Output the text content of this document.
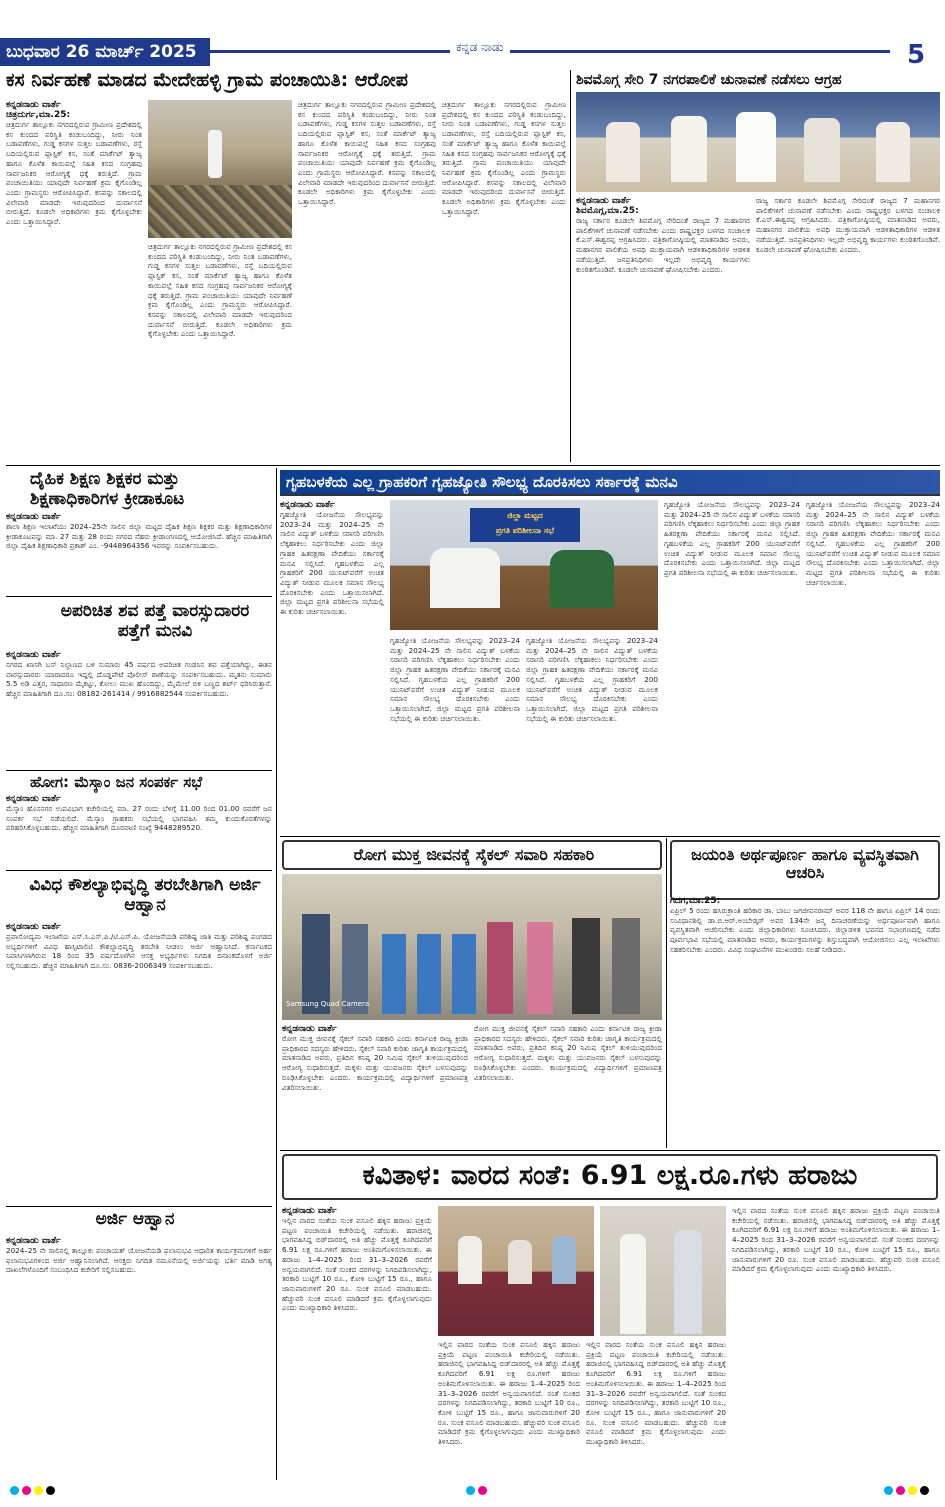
ಬುಧವಾರ 26 ಮಾರ್ಚ್ 2025	ಕನ್ನಡ ನಾಡು	5
ಕಸ ನಿರ್ವಹಣೆ ಮಾಡದ ಮೇದೇಹಳ್ಳಿ ಗ್ರಾಮ ಪಂಚಾಯಿತಿ: ಆರೋಪ
ಕನ್ನಡನಾಡು ವಾರ್ತೆ
ಚಿತ್ರದುರ್ಗ,ಮಾ.25:
ಚಿತ್ರದುರ್ಗ ತಾಲ್ಲೂಕು ನಗರದಲ್ಲಿರುವ ಗ್ರಾಮೀಣ ಪ್ರದೇಶದಲ್ಲಿ ಕಸ ಕುಂದದ ಪರಿಸ್ಥಿತಿ ಕಂಡುಬಂದಿದ್ದು, ನೀರು ನಿಂತ ಬಡಾವಣೆಗಳು, ಗುಡ್ಡ ಕಸಗಳ ಸುತ್ತಲ ಬಡಾವಣೆಗಳು, ರಸ್ತೆ ಬದಿಯಲ್ಲಿರುವ ಪ್ಲಾಸ್ಟಿಕ್ ಕಸ, ಸಂತೆ ಮಾರ್ಕೆಟ್ ತ್ಯಾಜ್ಯ ಹಾಗೂ ಕೊಳೆತ ಕಾಯಿಪಲ್ಲೆ ಸಹಿತ ಕಸದ ಸಂಗ್ರಹವು ಸಾರ್ವಜನಿಕರ ಆರೋಗ್ಯಕ್ಕೆ ಧಕ್ಕೆ ತರುತ್ತಿದೆ. ಗ್ರಾಮ ಪಂಚಾಯಿತಿಯು ಯಾವುದೇ ನಿರ್ವಹಣೆ ಕ್ರಮ ಕೈಗೊಂಡಿಲ್ಲ ಎಂದು ಗ್ರಾಮಸ್ಥರು ಆರೋಪಿಸಿದ್ದಾರೆ. ಕಸವನ್ನು ಸಕಾಲದಲ್ಲಿ ವಿಲೇವಾರಿ ಮಾಡದೇ ಇರುವುದರಿಂದ ದುರ್ವಾಸನೆ ಬೀರುತ್ತಿದೆ. ಕೂಡಲೇ ಅಧಿಕಾರಿಗಳು ಕ್ರಮ ಕೈಗೊಳ್ಳಬೇಕು ಎಂದು ಒತ್ತಾಯಿಸಿದ್ದಾರೆ.
ಚಿತ್ರದುರ್ಗ ತಾಲ್ಲೂಕು ನಗರದಲ್ಲಿರುವ ಗ್ರಾಮೀಣ ಪ್ರದೇಶದಲ್ಲಿ ಕಸ ಕುಂದದ ಪರಿಸ್ಥಿತಿ ಕಂಡುಬಂದಿದ್ದು, ನೀರು ನಿಂತ ಬಡಾವಣೆಗಳು, ಗುಡ್ಡ ಕಸಗಳ ಸುತ್ತಲ ಬಡಾವಣೆಗಳು, ರಸ್ತೆ ಬದಿಯಲ್ಲಿರುವ ಪ್ಲಾಸ್ಟಿಕ್ ಕಸ, ಸಂತೆ ಮಾರ್ಕೆಟ್ ತ್ಯಾಜ್ಯ ಹಾಗೂ ಕೊಳೆತ ಕಾಯಿಪಲ್ಲೆ ಸಹಿತ ಕಸದ ಸಂಗ್ರಹವು ಸಾರ್ವಜನಿಕರ ಆರೋಗ್ಯಕ್ಕೆ ಧಕ್ಕೆ ತರುತ್ತಿದೆ. ಗ್ರಾಮ ಪಂಚಾಯಿತಿಯು ಯಾವುದೇ ನಿರ್ವಹಣೆ ಕ್ರಮ ಕೈಗೊಂಡಿಲ್ಲ ಎಂದು ಗ್ರಾಮಸ್ಥರು ಆರೋಪಿಸಿದ್ದಾರೆ. ಕಸವನ್ನು ಸಕಾಲದಲ್ಲಿ ವಿಲೇವಾರಿ ಮಾಡದೇ ಇರುವುದರಿಂದ ದುರ್ವಾಸನೆ ಬೀರುತ್ತಿದೆ. ಕೂಡಲೇ ಅಧಿಕಾರಿಗಳು ಕ್ರಮ ಕೈಗೊಳ್ಳಬೇಕು ಎಂದು ಒತ್ತಾಯಿಸಿದ್ದಾರೆ.
ಚಿತ್ರದುರ್ಗ ತಾಲ್ಲೂಕು ನಗರದಲ್ಲಿರುವ ಗ್ರಾಮೀಣ ಪ್ರದೇಶದಲ್ಲಿ ಕಸ ಕುಂದದ ಪರಿಸ್ಥಿತಿ ಕಂಡುಬಂದಿದ್ದು, ನೀರು ನಿಂತ ಬಡಾವಣೆಗಳು, ಗುಡ್ಡ ಕಸಗಳ ಸುತ್ತಲ ಬಡಾವಣೆಗಳು, ರಸ್ತೆ ಬದಿಯಲ್ಲಿರುವ ಪ್ಲಾಸ್ಟಿಕ್ ಕಸ, ಸಂತೆ ಮಾರ್ಕೆಟ್ ತ್ಯಾಜ್ಯ ಹಾಗೂ ಕೊಳೆತ ಕಾಯಿಪಲ್ಲೆ ಸಹಿತ ಕಸದ ಸಂಗ್ರಹವು ಸಾರ್ವಜನಿಕರ ಆರೋಗ್ಯಕ್ಕೆ ಧಕ್ಕೆ ತರುತ್ತಿದೆ. ಗ್ರಾಮ ಪಂಚಾಯಿತಿಯು ಯಾವುದೇ ನಿರ್ವಹಣೆ ಕ್ರಮ ಕೈಗೊಂಡಿಲ್ಲ ಎಂದು ಗ್ರಾಮಸ್ಥರು ಆರೋಪಿಸಿದ್ದಾರೆ. ಕಸವನ್ನು ಸಕಾಲದಲ್ಲಿ ವಿಲೇವಾರಿ ಮಾಡದೇ ಇರುವುದರಿಂದ ದುರ್ವಾಸನೆ ಬೀರುತ್ತಿದೆ. ಕೂಡಲೇ ಅಧಿಕಾರಿಗಳು ಕ್ರಮ ಕೈಗೊಳ್ಳಬೇಕು ಎಂದು ಒತ್ತಾಯಿಸಿದ್ದಾರೆ.
ಚಿತ್ರದುರ್ಗ ತಾಲ್ಲೂಕು ನಗರದಲ್ಲಿರುವ ಗ್ರಾಮೀಣ ಪ್ರದೇಶದಲ್ಲಿ ಕಸ ಕುಂದದ ಪರಿಸ್ಥಿತಿ ಕಂಡುಬಂದಿದ್ದು, ನೀರು ನಿಂತ ಬಡಾವಣೆಗಳು, ಗುಡ್ಡ ಕಸಗಳ ಸುತ್ತಲ ಬಡಾವಣೆಗಳು, ರಸ್ತೆ ಬದಿಯಲ್ಲಿರುವ ಪ್ಲಾಸ್ಟಿಕ್ ಕಸ, ಸಂತೆ ಮಾರ್ಕೆಟ್ ತ್ಯಾಜ್ಯ ಹಾಗೂ ಕೊಳೆತ ಕಾಯಿಪಲ್ಲೆ ಸಹಿತ ಕಸದ ಸಂಗ್ರಹವು ಸಾರ್ವಜನಿಕರ ಆರೋಗ್ಯಕ್ಕೆ ಧಕ್ಕೆ ತರುತ್ತಿದೆ. ಗ್ರಾಮ ಪಂಚಾಯಿತಿಯು ಯಾವುದೇ ನಿರ್ವಹಣೆ ಕ್ರಮ ಕೈಗೊಂಡಿಲ್ಲ ಎಂದು ಗ್ರಾಮಸ್ಥರು ಆರೋಪಿಸಿದ್ದಾರೆ. ಕಸವನ್ನು ಸಕಾಲದಲ್ಲಿ ವಿಲೇವಾರಿ ಮಾಡದೇ ಇರುವುದರಿಂದ ದುರ್ವಾಸನೆ ಬೀರುತ್ತಿದೆ. ಕೂಡಲೇ ಅಧಿಕಾರಿಗಳು ಕ್ರಮ ಕೈಗೊಳ್ಳಬೇಕು ಎಂದು ಒತ್ತಾಯಿಸಿದ್ದಾರೆ.
ಶಿವಮೊಗ್ಗ ಸೇರಿ 7 ನಗರಪಾಲಿಕೆ ಚುನಾವಣೆ ನಡೆಸಲು ಆಗ್ರಹ
ಕನ್ನಡನಾಡು ವಾರ್ತೆ
ಶಿವಮೊಗ್ಗ,ಮಾ.25:
ರಾಜ್ಯ ಸರ್ಕಾರ ಕೂಡಲೇ ಶಿವಮೊಗ್ಗ ಸೇರಿದಂತೆ ರಾಜ್ಯದ 7 ಮಹಾನಗರ ಪಾಲಿಕೆಗಳಿಗೆ ಚುನಾವಣೆ ನಡೆಸಬೇಕು ಎಂದು ರಾಷ್ಟ್ರಭಕ್ತರ ಬಳಗದ ಸಂಚಾಲಕ ಕೆ.ಎಸ್.ಈಶ್ವರಪ್ಪ ಆಗ್ರಹಿಸಿದರು. ಪತ್ರಿಕಾಗೋಷ್ಠಿಯಲ್ಲಿ ಮಾತನಾಡಿದ ಅವರು, ಮಹಾನಗರ ಪಾಲಿಕೆಯ ಅವಧಿ ಮುಕ್ತಾಯವಾಗಿ ಆಡಳಿತಾಧಿಕಾರಿಗಳ ಆಡಳಿತ ನಡೆಯುತ್ತಿದೆ. ಜನಪ್ರತಿನಿಧಿಗಳು ಇಲ್ಲದೇ ಅಭಿವೃದ್ಧಿ ಕಾರ್ಯಗಳು ಕುಂಠಿತಗೊಂಡಿವೆ. ಕೂಡಲೇ ಚುನಾವಣೆ ಘೋಷಿಸಬೇಕು ಎಂದರು.
ರಾಜ್ಯ ಸರ್ಕಾರ ಕೂಡಲೇ ಶಿವಮೊಗ್ಗ ಸೇರಿದಂತೆ ರಾಜ್ಯದ 7 ಮಹಾನಗರ ಪಾಲಿಕೆಗಳಿಗೆ ಚುನಾವಣೆ ನಡೆಸಬೇಕು ಎಂದು ರಾಷ್ಟ್ರಭಕ್ತರ ಬಳಗದ ಸಂಚಾಲಕ ಕೆ.ಎಸ್.ಈಶ್ವರಪ್ಪ ಆಗ್ರಹಿಸಿದರು. ಪತ್ರಿಕಾಗೋಷ್ಠಿಯಲ್ಲಿ ಮಾತನಾಡಿದ ಅವರು, ಮಹಾನಗರ ಪಾಲಿಕೆಯ ಅವಧಿ ಮುಕ್ತಾಯವಾಗಿ ಆಡಳಿತಾಧಿಕಾರಿಗಳ ಆಡಳಿತ ನಡೆಯುತ್ತಿದೆ. ಜನಪ್ರತಿನಿಧಿಗಳು ಇಲ್ಲದೇ ಅಭಿವೃದ್ಧಿ ಕಾರ್ಯಗಳು ಕುಂಠಿತಗೊಂಡಿವೆ. ಕೂಡಲೇ ಚುನಾವಣೆ ಘೋಷಿಸಬೇಕು ಎಂದರು.
ದೈಹಿಕ ಶಿಕ್ಷಣ ಶಿಕ್ಷಕರ ಮತ್ತು ಶಿಕ್ಷಣಾಧಿಕಾರಿಗಳ ಕ್ರೀಡಾಕೂಟ
ಕನ್ನಡನಾಡು ವಾರ್ತೆ
ಶಾಲಾ ಶಿಕ್ಷಣ ಇಲಾಖೆಯು 2024–25ನೇ ಸಾಲಿನ ಜಿಲ್ಲಾ ಮಟ್ಟದ ದೈಹಿಕ ಶಿಕ್ಷಣ ಶಿಕ್ಷಕರ ಮತ್ತು ಶಿಕ್ಷಣಾಧಿಕಾರಿಗಳ ಕ್ರೀಡಾಕೂಟವನ್ನು ಮಾ. 27 ಮತ್ತು 28 ರಂದು ನಗರದ ನೆಹರು ಕ್ರೀಡಾಂಗಣದಲ್ಲಿ ಆಯೋಜಿಸಿದೆ. ಹೆಚ್ಚಿನ ಮಾಹಿತಿಗಾಗಿ ಜಿಲ್ಲಾ ದೈಹಿಕ ಶಿಕ್ಷಣಾಧಿಕಾರಿ ಪ್ರಕಾಶ್ ಎಂ. -9448964356 ಇವರನ್ನು ಸಂಪರ್ಕಿಸಬಹುದು.
ಅಪರಿಚಿತ ಶವ ಪತ್ತೆ ವಾರಸ್ಸುದಾರರ ಪತ್ತೆಗೆ ಮನವಿ
ಕನ್ನಡನಾಡು ವಾರ್ತೆ
ನಗರದ ಖಾಸಗಿ ಬಸ್ ನಿಲ್ದಾಣದ ಬಳಿ ಸುಮಾರು 45 ವರ್ಷದ ಅಪರಿಚಿತ ಗಂಡಸಿನ ಶವ ಪತ್ತೆಯಾಗಿದ್ದು, ಈತನ ವಾರಸ್ಸುದಾರರು ಯಾರಾದರೂ ಇದ್ದಲ್ಲಿ ದೊಡ್ಡಪೇಟೆ ಪೊಲೀಸ್ ಠಾಣೆಯನ್ನು ಸಂಪರ್ಕಿಸಬಹುದು. ಮೃತನು ಸುಮಾರು 5.5 ಅಡಿ ಎತ್ತರ, ಸಾಧಾರಣ ಮೈಕಟ್ಟು, ಕೋಲು ಮುಖ ಹೊಂದಿದ್ದು, ಮೈಮೇಲೆ ಬಿಳಿ ಬಣ್ಣದ ಶರ್ಟ್ ಧರಿಸಿರುತ್ತಾನೆ. ಹೆಚ್ಚಿನ ಮಾಹಿತಿಗಾಗಿ ದೂ.ಸಂ: 08182-261414 / 9916882544 ಸಂಪರ್ಕಿಸಬಹುದು.
ಹೋಗ: ಮೆಸ್ಕಾಂ ಜನ ಸಂಪರ್ಕ ಸಭೆ
ಕನ್ನಡನಾಡು ವಾರ್ತೆ
ಮೆಸ್ಕಾಂ ಹೊಸನಗರ ಉಪವಿಭಾಗ ಕಚೇರಿಯಲ್ಲಿ ಮಾ. 27 ರಂದು ಬೆಳಿಗ್ಗೆ 11.00 ರಿಂದ 01.00 ರವರೆಗೆ ಜನ ಸಂಪರ್ಕ ಸಭೆ ನಡೆಯಲಿದೆ. ಮೆಸ್ಕಾಂ ಗ್ರಾಹಕರು ಸಭೆಯಲ್ಲಿ ಭಾಗವಹಿಸಿ ತಮ್ಮ ಕುಂದುಕೊರತೆಗಳನ್ನು ಪರಿಹರಿಸಿಕೊಳ್ಳಬಹುದು. ಹೆಚ್ಚಿನ ಮಾಹಿತಿಗಾಗಿ ದೂರವಾಣಿ ಸಂಖ್ಯೆ 9448289520.
ವಿವಿಧ ಕೌಶಲ್ಯಾಭಿವೃದ್ಧಿ ತರಬೇತಿಗಾಗಿ ಅರ್ಜಿ ಆಹ್ವಾನ
ಕನ್ನಡನಾಡು ವಾರ್ತೆ
ಪ್ರವಾಸೋದ್ಯಮ ಇಲಾಖೆಯ ಎಸ್.ಸಿ.ಎಸ್.ಪಿ./ಟಿ.ಎಸ್.ಪಿ. ಯೋಜನೆಯಡಿ ಪರಿಶಿಷ್ಟ ಜಾತಿ ಮತ್ತು ಪರಿಶಿಷ್ಟ ಪಂಗಡದ ಅಭ್ಯರ್ಥಿಗಳಿಗೆ ವಿವಿಧ ಹಾಸ್ಪಿಟಾಲಿಟಿ ಕೌಶಲ್ಯಾಭಿವೃದ್ಧಿ ತರಬೇತಿ ನೀಡಲು ಅರ್ಜಿ ಆಹ್ವಾನಿಸಿದೆ. ಕರ್ನಾಟಕದ ನಿವಾಸಿಗಳಾಗಿರುವ 18 ರಿಂದ 35 ವರ್ಷದೊಳಗಿನ ಆಸಕ್ತ ಅಭ್ಯರ್ಥಿಗಳು ನಿಗದಿತ ದಿನಾಂಕದೊಳಗೆ ಅರ್ಜಿ ಸಲ್ಲಿಸಬಹುದು. ಹೆಚ್ಚಿನ ಮಾಹಿತಿಗಾಗಿ ದೂ.ಸಂ. 0836-2006349 ಸಂಪರ್ಕಿಸಬಹುದು.
ಅರ್ಜಿ ಆಹ್ವಾನ
ಕನ್ನಡನಾಡು ವಾರ್ತೆ
2024–25 ನೇ ಸಾಲಿನಲ್ಲಿ ತಾಲ್ಲೂಕು ಪಂಚಾಯತ್ ಯೋಜನೆಯಡಿ ಫಲಾನುಭವಿ ಆಧಾರಿತ ಕಾರ್ಯಕ್ರಮಗಳಿಗೆ ಅರ್ಹ ಫಲಾನುಭವಿಗಳಿಂದ ಅರ್ಜಿ ಆಹ್ವಾನಿಸಲಾಗಿದೆ. ಆಸಕ್ತರು ನಿಗದಿತ ನಮೂನೆಯಲ್ಲಿ ಅರ್ಜಿಯನ್ನು ಭರ್ತಿ ಮಾಡಿ ಅಗತ್ಯ ದಾಖಲೆಗಳೊಂದಿಗೆ ಸಂಬಂಧಿಸಿದ ಕಚೇರಿಗೆ ಸಲ್ಲಿಸಬಹುದು.
ಗೃಹಬಳಕೆಯ ಎಲ್ಲ ಗ್ರಾಹಕರಿಗೆ ಗೃಹಜ್ಯೋತಿ ಸೌಲಭ್ಯ ದೊರಕಿಸಲು ಸರ್ಕಾರಕ್ಕೆ ಮನವಿ
ಕನ್ನಡನಾಡು ವಾರ್ತೆ
ಗೃಹಜ್ಯೋತಿ ಯೋಜನೆಯ ಸೌಲಭ್ಯವನ್ನು 2023–24 ಮತ್ತು 2024–25 ನೇ ಸಾಲಿನ ವಿದ್ಯುತ್ ಬಳಕೆಯ ಸರಾಸರಿ ಪರಿಗಣಿಸಿ ಲೆಕ್ಕಹಾಕಲು ನಿರ್ಧರಿಸಬೇಕು ಎಂದು ಜಿಲ್ಲಾ ಗ್ರಾಹಕ ಹಿತರಕ್ಷಣಾ ವೇದಿಕೆಯು ಸರ್ಕಾರಕ್ಕೆ ಮನವಿ ಸಲ್ಲಿಸಿದೆ. ಗೃಹಬಳಕೆಯ ಎಲ್ಲ ಗ್ರಾಹಕರಿಗೆ 200 ಯುನಿಟ್‌ವರೆಗೆ ಉಚಿತ ವಿದ್ಯುತ್ ನೀಡುವ ಮೂಲಕ ಸಮಾನ ಸೌಲಭ್ಯ ದೊರಕಿಸಬೇಕು ಎಂದು ಒತ್ತಾಯಿಸಲಾಗಿದೆ. ಜಿಲ್ಲಾ ಮಟ್ಟದ ಪ್ರಗತಿ ಪರಿಶೀಲನಾ ಸಭೆಯಲ್ಲಿ ಈ ಕುರಿತು ಚರ್ಚಿಸಲಾಯಿತು.
ಜಿಲ್ಲಾ ಮಟ್ಟದ
ಪ್ರಗತಿ ಪರಿಶೀಲನಾ ಸಭೆ
ಗೃಹಜ್ಯೋತಿ ಯೋಜನೆಯ ಸೌಲಭ್ಯವನ್ನು 2023–24 ಮತ್ತು 2024–25 ನೇ ಸಾಲಿನ ವಿದ್ಯುತ್ ಬಳಕೆಯ ಸರಾಸರಿ ಪರಿಗಣಿಸಿ ಲೆಕ್ಕಹಾಕಲು ನಿರ್ಧರಿಸಬೇಕು ಎಂದು ಜಿಲ್ಲಾ ಗ್ರಾಹಕ ಹಿತರಕ್ಷಣಾ ವೇದಿಕೆಯು ಸರ್ಕಾರಕ್ಕೆ ಮನವಿ ಸಲ್ಲಿಸಿದೆ. ಗೃಹಬಳಕೆಯ ಎಲ್ಲ ಗ್ರಾಹಕರಿಗೆ 200 ಯುನಿಟ್‌ವರೆಗೆ ಉಚಿತ ವಿದ್ಯುತ್ ನೀಡುವ ಮೂಲಕ ಸಮಾನ ಸೌಲಭ್ಯ ದೊರಕಿಸಬೇಕು ಎಂದು ಒತ್ತಾಯಿಸಲಾಗಿದೆ. ಜಿಲ್ಲಾ ಮಟ್ಟದ ಪ್ರಗತಿ ಪರಿಶೀಲನಾ ಸಭೆಯಲ್ಲಿ ಈ ಕುರಿತು ಚರ್ಚಿಸಲಾಯಿತು.
ಗೃಹಜ್ಯೋತಿ ಯೋಜನೆಯ ಸೌಲಭ್ಯವನ್ನು 2023–24 ಮತ್ತು 2024–25 ನೇ ಸಾಲಿನ ವಿದ್ಯುತ್ ಬಳಕೆಯ ಸರಾಸರಿ ಪರಿಗಣಿಸಿ ಲೆಕ್ಕಹಾಕಲು ನಿರ್ಧರಿಸಬೇಕು ಎಂದು ಜಿಲ್ಲಾ ಗ್ರಾಹಕ ಹಿತರಕ್ಷಣಾ ವೇದಿಕೆಯು ಸರ್ಕಾರಕ್ಕೆ ಮನವಿ ಸಲ್ಲಿಸಿದೆ. ಗೃಹಬಳಕೆಯ ಎಲ್ಲ ಗ್ರಾಹಕರಿಗೆ 200 ಯುನಿಟ್‌ವರೆಗೆ ಉಚಿತ ವಿದ್ಯುತ್ ನೀಡುವ ಮೂಲಕ ಸಮಾನ ಸೌಲಭ್ಯ ದೊರಕಿಸಬೇಕು ಎಂದು ಒತ್ತಾಯಿಸಲಾಗಿದೆ. ಜಿಲ್ಲಾ ಮಟ್ಟದ ಪ್ರಗತಿ ಪರಿಶೀಲನಾ ಸಭೆಯಲ್ಲಿ ಈ ಕುರಿತು ಚರ್ಚಿಸಲಾಯಿತು.
ಗೃಹಜ್ಯೋತಿ ಯೋಜನೆಯ ಸೌಲಭ್ಯವನ್ನು 2023–24 ಮತ್ತು 2024–25 ನೇ ಸಾಲಿನ ವಿದ್ಯುತ್ ಬಳಕೆಯ ಸರಾಸರಿ ಪರಿಗಣಿಸಿ ಲೆಕ್ಕಹಾಕಲು ನಿರ್ಧರಿಸಬೇಕು ಎಂದು ಜಿಲ್ಲಾ ಗ್ರಾಹಕ ಹಿತರಕ್ಷಣಾ ವೇದಿಕೆಯು ಸರ್ಕಾರಕ್ಕೆ ಮನವಿ ಸಲ್ಲಿಸಿದೆ. ಗೃಹಬಳಕೆಯ ಎಲ್ಲ ಗ್ರಾಹಕರಿಗೆ 200 ಯುನಿಟ್‌ವರೆಗೆ ಉಚಿತ ವಿದ್ಯುತ್ ನೀಡುವ ಮೂಲಕ ಸಮಾನ ಸೌಲಭ್ಯ ದೊರಕಿಸಬೇಕು ಎಂದು ಒತ್ತಾಯಿಸಲಾಗಿದೆ. ಜಿಲ್ಲಾ ಮಟ್ಟದ ಪ್ರಗತಿ ಪರಿಶೀಲನಾ ಸಭೆಯಲ್ಲಿ ಈ ಕುರಿತು ಚರ್ಚಿಸಲಾಯಿತು.
ಗೃಹಜ್ಯೋತಿ ಯೋಜನೆಯ ಸೌಲಭ್ಯವನ್ನು 2023–24 ಮತ್ತು 2024–25 ನೇ ಸಾಲಿನ ವಿದ್ಯುತ್ ಬಳಕೆಯ ಸರಾಸರಿ ಪರಿಗಣಿಸಿ ಲೆಕ್ಕಹಾಕಲು ನಿರ್ಧರಿಸಬೇಕು ಎಂದು ಜಿಲ್ಲಾ ಗ್ರಾಹಕ ಹಿತರಕ್ಷಣಾ ವೇದಿಕೆಯು ಸರ್ಕಾರಕ್ಕೆ ಮನವಿ ಸಲ್ಲಿಸಿದೆ. ಗೃಹಬಳಕೆಯ ಎಲ್ಲ ಗ್ರಾಹಕರಿಗೆ 200 ಯುನಿಟ್‌ವರೆಗೆ ಉಚಿತ ವಿದ್ಯುತ್ ನೀಡುವ ಮೂಲಕ ಸಮಾನ ಸೌಲಭ್ಯ ದೊರಕಿಸಬೇಕು ಎಂದು ಒತ್ತಾಯಿಸಲಾಗಿದೆ. ಜಿಲ್ಲಾ ಮಟ್ಟದ ಪ್ರಗತಿ ಪರಿಶೀಲನಾ ಸಭೆಯಲ್ಲಿ ಈ ಕುರಿತು ಚರ್ಚಿಸಲಾಯಿತು.
ರೋಗ ಮುಕ್ತ ಜೀವನಕ್ಕೆ ಸೈಕಲ್ ಸವಾರಿ ಸಹಕಾರಿ
Samsung Quad Camera
ಕನ್ನಡನಾಡು ವಾರ್ತೆ
ರೋಗ ಮುಕ್ತ ಜೀವನಕ್ಕೆ ಸೈಕಲ್ ಸವಾರಿ ಸಹಕಾರಿ ಎಂದು ಕರ್ನಾಟಕ ರಾಜ್ಯ ಕ್ರೀಡಾ ಪ್ರಾಧಿಕಾರದ ಸದಸ್ಯರು ಹೇಳಿದರು. ಸೈಕಲ್ ಸವಾರಿ ಕುರಿತು ಜಾಗೃತಿ ಕಾರ್ಯಕ್ರಮದಲ್ಲಿ ಮಾತನಾಡಿದ ಅವರು, ಪ್ರತಿದಿನ ಕನಿಷ್ಠ 20 ನಿಮಿಷ ಸೈಕಲ್ ತುಳಿಯುವುದರಿಂದ ಆರೋಗ್ಯ ಸುಧಾರಿಸುತ್ತದೆ. ಮಕ್ಕಳು ಮತ್ತು ಯುವಜನರು ಸೈಕಲ್ ಬಳಸುವುದನ್ನು ರೂಢಿಸಿಕೊಳ್ಳಬೇಕು ಎಂದರು. ಕಾರ್ಯಕ್ರಮದಲ್ಲಿ ವಿದ್ಯಾರ್ಥಿಗಳಿಗೆ ಪ್ರಮಾಣಪತ್ರ ವಿತರಿಸಲಾಯಿತು.
ರೋಗ ಮುಕ್ತ ಜೀವನಕ್ಕೆ ಸೈಕಲ್ ಸವಾರಿ ಸಹಕಾರಿ ಎಂದು ಕರ್ನಾಟಕ ರಾಜ್ಯ ಕ್ರೀಡಾ ಪ್ರಾಧಿಕಾರದ ಸದಸ್ಯರು ಹೇಳಿದರು. ಸೈಕಲ್ ಸವಾರಿ ಕುರಿತು ಜಾಗೃತಿ ಕಾರ್ಯಕ್ರಮದಲ್ಲಿ ಮಾತನಾಡಿದ ಅವರು, ಪ್ರತಿದಿನ ಕನಿಷ್ಠ 20 ನಿಮಿಷ ಸೈಕಲ್ ತುಳಿಯುವುದರಿಂದ ಆರೋಗ್ಯ ಸುಧಾರಿಸುತ್ತದೆ. ಮಕ್ಕಳು ಮತ್ತು ಯುವಜನರು ಸೈಕಲ್ ಬಳಸುವುದನ್ನು ರೂಢಿಸಿಕೊಳ್ಳಬೇಕು ಎಂದರು. ಕಾರ್ಯಕ್ರಮದಲ್ಲಿ ವಿದ್ಯಾರ್ಥಿಗಳಿಗೆ ಪ್ರಮಾಣಪತ್ರ ವಿತರಿಸಲಾಯಿತು.
ಜಯಂತಿ ಅರ್ಥಪೂರ್ಣ ಹಾಗೂ ವ್ಯವಸ್ಥಿತವಾಗಿ ಆಚರಿಸಿ
ಏಪ್ರಿಲ್ 5 ರಂದು ಹಸಿರುಕ್ರಾಂತಿ ಹರಿಕಾರ ಡಾ. ಬಾಬು ಜಗಜೀವನರಾಮ್ ಅವರ 118 ನೇ ಹಾಗೂ ಏಪ್ರಿಲ್ 14 ರಂದು ಸಂವಿಧಾನಶಿಲ್ಪಿ ಡಾ.ಬಿ.ಆರ್.ಅಂಬೇಡ್ಕರ್ ಅವರ 134ನೇ ಜನ್ಮ ದಿನಾಚರಣೆಯನ್ನು ಅರ್ಥಪೂರ್ಣವಾಗಿ ಹಾಗೂ ವ್ಯವಸ್ಥಿತವಾಗಿ ಆಚರಿಸಬೇಕು ಎಂದು ಜಿಲ್ಲಾಧಿಕಾರಿಗಳು ಸೂಚಿಸಿದರು. ಜಿಲ್ಲಾಡಳಿತ ಭವನದ ಸಭಾಂಗಣದಲ್ಲಿ ನಡೆದ ಪೂರ್ವಭಾವಿ ಸಭೆಯಲ್ಲಿ ಮಾತನಾಡಿದ ಅವರು, ಕಾರ್ಯಕ್ರಮಗಳನ್ನು ಶಿಸ್ತುಬದ್ಧವಾಗಿ ಆಯೋಜಿಸಲು ಎಲ್ಲ ಇಲಾಖೆಗಳು ಸಹಕರಿಸಬೇಕು ಎಂದರು. ವಿವಿಧ ಸಂಘಟನೆಗಳ ಮುಖಂಡರು ಸಲಹೆ ನೀಡಿದರು.
ಗದಗ,ಮಾ.25:
ಕವಿತಾಳ: ವಾರದ ಸಂತೆ: 6.91 ಲಕ್ಷ.ರೂ.ಗಳು ಹರಾಜು
ಕನ್ನಡನಾಡು ವಾರ್ತೆ
ಇಲ್ಲಿನ ವಾರದ ಸಂತೆಯ ಸುಂಕ ವಸೂಲಿ ಹಕ್ಕಿನ ಹರಾಜು ಪ್ರಕ್ರಿಯೆ ಪಟ್ಟಣ ಪಂಚಾಯಿತಿ ಕಚೇರಿಯಲ್ಲಿ ನಡೆಯಿತು. ಹರಾಜಿನಲ್ಲಿ ಭಾಗವಹಿಸಿದ್ದ ಬಿಡ್‌ದಾರರಲ್ಲಿ ಅತಿ ಹೆಚ್ಚು ಮೊತ್ತಕ್ಕೆ ಕೂಗಿದವರಿಗೆ 6.91 ಲಕ್ಷ ರೂ.ಗಳಿಗೆ ಹರಾಜು ಅಂತಿಮಗೊಳಿಸಲಾಯಿತು. ಈ ಹರಾಜು 1–4–2025 ರಿಂದ 31–3–2026 ರವರೆಗೆ ಅನ್ವಯವಾಗಲಿದೆ. ಸಂತೆ ಸುಂಕದ ದರಗಳನ್ನು ನಿಗದಿಪಡಿಸಲಾಗಿದ್ದು, ತರಕಾರಿ ಬುಟ್ಟಿಗೆ 10 ರೂ., ಕೋಳಿ ಬುಟ್ಟಿಗೆ 15 ರೂ., ಹಾಗೂ ಜಾನುವಾರುಗಳಿಗೆ 20 ರೂ. ಸುಂಕ ವಸೂಲಿ ಮಾಡಬಹುದು. ಹೆಚ್ಚುವರಿ ಸುಂಕ ವಸೂಲಿ ಮಾಡಿದರೆ ಕ್ರಮ ಕೈಗೊಳ್ಳಲಾಗುವುದು ಎಂದು ಮುಖ್ಯಾಧಿಕಾರಿ ತಿಳಿಸಿದರು.
ಇಲ್ಲಿನ ವಾರದ ಸಂತೆಯ ಸುಂಕ ವಸೂಲಿ ಹಕ್ಕಿನ ಹರಾಜು ಪ್ರಕ್ರಿಯೆ ಪಟ್ಟಣ ಪಂಚಾಯಿತಿ ಕಚೇರಿಯಲ್ಲಿ ನಡೆಯಿತು. ಹರಾಜಿನಲ್ಲಿ ಭಾಗವಹಿಸಿದ್ದ ಬಿಡ್‌ದಾರರಲ್ಲಿ ಅತಿ ಹೆಚ್ಚು ಮೊತ್ತಕ್ಕೆ ಕೂಗಿದವರಿಗೆ 6.91 ಲಕ್ಷ ರೂ.ಗಳಿಗೆ ಹರಾಜು ಅಂತಿಮಗೊಳಿಸಲಾಯಿತು. ಈ ಹರಾಜು 1–4–2025 ರಿಂದ 31–3–2026 ರವರೆಗೆ ಅನ್ವಯವಾಗಲಿದೆ. ಸಂತೆ ಸುಂಕದ ದರಗಳನ್ನು ನಿಗದಿಪಡಿಸಲಾಗಿದ್ದು, ತರಕಾರಿ ಬುಟ್ಟಿಗೆ 10 ರೂ., ಕೋಳಿ ಬುಟ್ಟಿಗೆ 15 ರೂ., ಹಾಗೂ ಜಾನುವಾರುಗಳಿಗೆ 20 ರೂ. ಸುಂಕ ವಸೂಲಿ ಮಾಡಬಹುದು. ಹೆಚ್ಚುವರಿ ಸುಂಕ ವಸೂಲಿ ಮಾಡಿದರೆ ಕ್ರಮ ಕೈಗೊಳ್ಳಲಾಗುವುದು ಎಂದು ಮುಖ್ಯಾಧಿಕಾರಿ ತಿಳಿಸಿದರು.
ಇಲ್ಲಿನ ವಾರದ ಸಂತೆಯ ಸುಂಕ ವಸೂಲಿ ಹಕ್ಕಿನ ಹರಾಜು ಪ್ರಕ್ರಿಯೆ ಪಟ್ಟಣ ಪಂಚಾಯಿತಿ ಕಚೇರಿಯಲ್ಲಿ ನಡೆಯಿತು. ಹರಾಜಿನಲ್ಲಿ ಭಾಗವಹಿಸಿದ್ದ ಬಿಡ್‌ದಾರರಲ್ಲಿ ಅತಿ ಹೆಚ್ಚು ಮೊತ್ತಕ್ಕೆ ಕೂಗಿದವರಿಗೆ 6.91 ಲಕ್ಷ ರೂ.ಗಳಿಗೆ ಹರಾಜು ಅಂತಿಮಗೊಳಿಸಲಾಯಿತು. ಈ ಹರಾಜು 1–4–2025 ರಿಂದ 31–3–2026 ರವರೆಗೆ ಅನ್ವಯವಾಗಲಿದೆ. ಸಂತೆ ಸುಂಕದ ದರಗಳನ್ನು ನಿಗದಿಪಡಿಸಲಾಗಿದ್ದು, ತರಕಾರಿ ಬುಟ್ಟಿಗೆ 10 ರೂ., ಕೋಳಿ ಬುಟ್ಟಿಗೆ 15 ರೂ., ಹಾಗೂ ಜಾನುವಾರುಗಳಿಗೆ 20 ರೂ. ಸುಂಕ ವಸೂಲಿ ಮಾಡಬಹುದು. ಹೆಚ್ಚುವರಿ ಸುಂಕ ವಸೂಲಿ ಮಾಡಿದರೆ ಕ್ರಮ ಕೈಗೊಳ್ಳಲಾಗುವುದು ಎಂದು ಮುಖ್ಯಾಧಿಕಾರಿ ತಿಳಿಸಿದರು.
ಇಲ್ಲಿನ ವಾರದ ಸಂತೆಯ ಸುಂಕ ವಸೂಲಿ ಹಕ್ಕಿನ ಹರಾಜು ಪ್ರಕ್ರಿಯೆ ಪಟ್ಟಣ ಪಂಚಾಯಿತಿ ಕಚೇರಿಯಲ್ಲಿ ನಡೆಯಿತು. ಹರಾಜಿನಲ್ಲಿ ಭಾಗವಹಿಸಿದ್ದ ಬಿಡ್‌ದಾರರಲ್ಲಿ ಅತಿ ಹೆಚ್ಚು ಮೊತ್ತಕ್ಕೆ ಕೂಗಿದವರಿಗೆ 6.91 ಲಕ್ಷ ರೂ.ಗಳಿಗೆ ಹರಾಜು ಅಂತಿಮಗೊಳಿಸಲಾಯಿತು. ಈ ಹರಾಜು 1–4–2025 ರಿಂದ 31–3–2026 ರವರೆಗೆ ಅನ್ವಯವಾಗಲಿದೆ. ಸಂತೆ ಸುಂಕದ ದರಗಳನ್ನು ನಿಗದಿಪಡಿಸಲಾಗಿದ್ದು, ತರಕಾರಿ ಬುಟ್ಟಿಗೆ 10 ರೂ., ಕೋಳಿ ಬುಟ್ಟಿಗೆ 15 ರೂ., ಹಾಗೂ ಜಾನುವಾರುಗಳಿಗೆ 20 ರೂ. ಸುಂಕ ವಸೂಲಿ ಮಾಡಬಹುದು. ಹೆಚ್ಚುವರಿ ಸುಂಕ ವಸೂಲಿ ಮಾಡಿದರೆ ಕ್ರಮ ಕೈಗೊಳ್ಳಲಾಗುವುದು ಎಂದು ಮುಖ್ಯಾಧಿಕಾರಿ ತಿಳಿಸಿದರು.
